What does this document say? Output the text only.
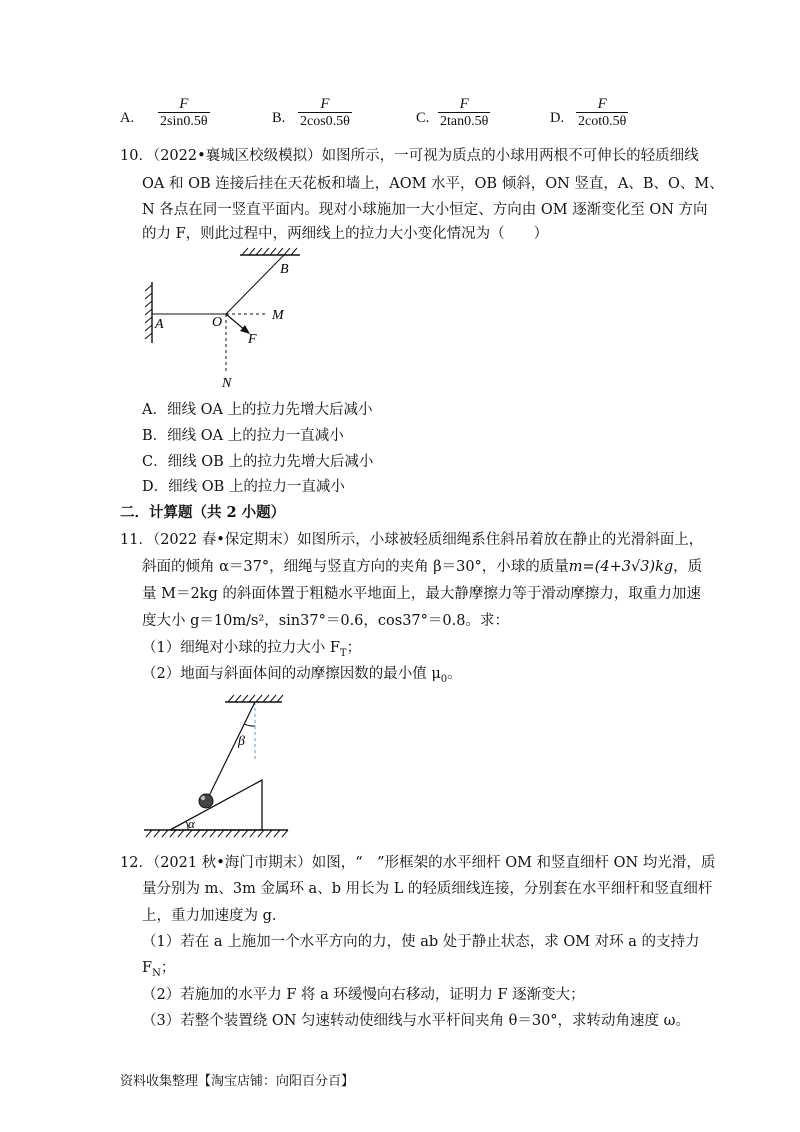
A. $\frac{F}{2\sin 0.5\theta}$	B. $\frac{F}{2\cos 0.5\theta}$	C. $\frac{F}{2\tan 0.5\theta}$	D. $\frac{F}{2\cot 0.5\theta}$
10．（2022•襄城区校级模拟）如图所示，一可视为质点的小球用两根不可伸长的轻质细线
OA 和 OB 连接后挂在天花板和墙上，AOM 水平，OB 倾斜，ON 竖直，A、B、O、M、
N 各点在同一竖直平面内。现对小球施加一大小恒定、方向由 OM 逐渐变化至 ON 方向
的力 F，则此过程中，两细线上的拉力大小变化情况为（　　）
B
A	O	M
F
N
A．细线 OA 上的拉力先增大后减小
B．细线 OA 上的拉力一直减小
C．细线 OB 上的拉力先增大后减小
D．细线 OB 上的拉力一直减小
二．计算题（共 2 小题）
11．（2022 春•保定期末）如图所示，小球被轻质细绳系住斜吊着放在静止的光滑斜面上，
斜面的倾角 α＝37°，细绳与竖直方向的夹角 β＝30°，小球的质量m=(4+3√3)kg，质
量 M＝2kg 的斜面体置于粗糙水平地面上，最大静摩擦力等于滑动摩擦力，取重力加速
度大小 g＝10m/s²，sin37°＝0.6，cos37°＝0.8。求：
（1）细绳对小球的拉力大小 $F_T$；
（2）地面与斜面体间的动摩擦因数的最小值 $\mu_0$。
β
α
12．（2021 秋•海门市期末）如图，“　”形框架的水平细杆 OM 和竖直细杆 ON 均光滑，质
量分别为 m、3m 金属环 a、b 用长为 L 的轻质细线连接，分别套在水平细杆和竖直细杆
上，重力加速度为 g.
（1）若在 a 上施加一个水平方向的力，使 ab 处于静止状态，求 OM 对环 a 的支持力
$F_N$；
（2）若施加的水平力 F 将 a 环缓慢向右移动，证明力 F 逐渐变大；
（3）若整个装置绕 ON 匀速转动使细线与水平杆间夹角 θ＝30°，求转动角速度 ω。
资料收集整理【淘宝店铺：向阳百分百】
